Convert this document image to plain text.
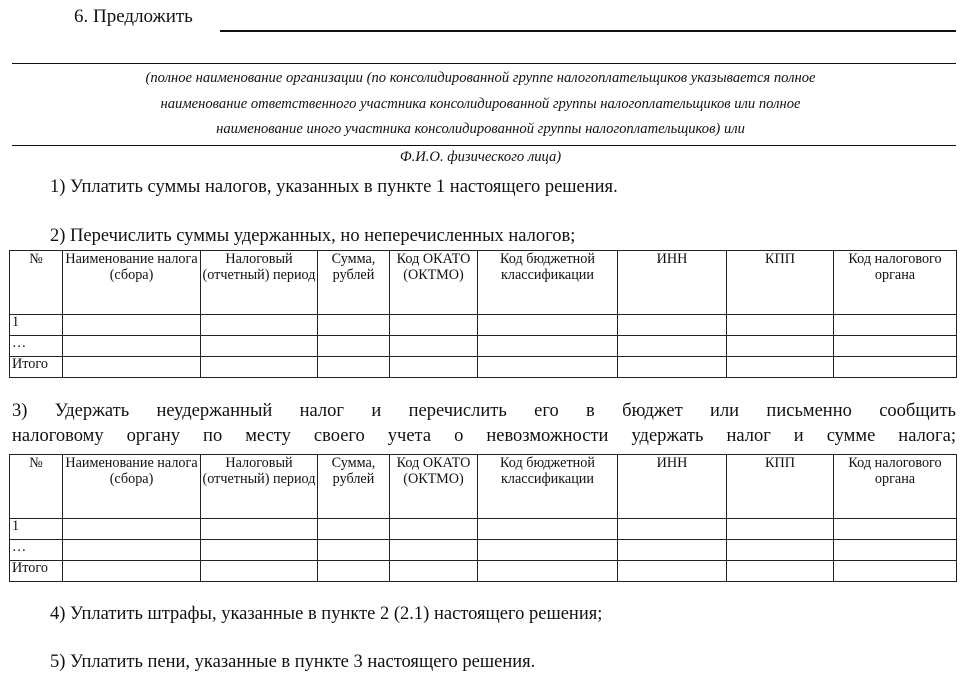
6. Предложить
(полное наименование организации (по консолидированной группе налогоплательщиков указывается полное
наименование ответственного участника консолидированной группы налогоплательщиков или полное
наименование иного участника консолидированной группы налогоплательщиков) или
Ф.И.О. физического лица)
1) Уплатить суммы налогов, указанных в пункте 1 настоящего решения.
2) Перечислить суммы удержанных, но неперечисленных налогов;
№	Наименование налога (сбора)	Налоговый (отчетный) период	Сумма, рублей	Код ОКАТО (ОКТМО)	Код бюджетной классификации	ИНН	КПП	Код налогового органа
1								
…								
Итого								
3) Удержать неудержанный налог и перечислить его в бюджет или письменно сообщить
налоговому органу по месту своего учета о невозможности удержать налог и сумме налога;
№	Наименование налога (сбора)	Налоговый (отчетный) период	Сумма, рублей	Код ОКАТО (ОКТМО)	Код бюджетной классификации	ИНН	КПП	Код налогового органа
1								
…								
Итого								
4) Уплатить штрафы, указанные в пункте 2 (2.1) настоящего решения;
5) Уплатить пени, указанные в пункте 3 настоящего решения.
